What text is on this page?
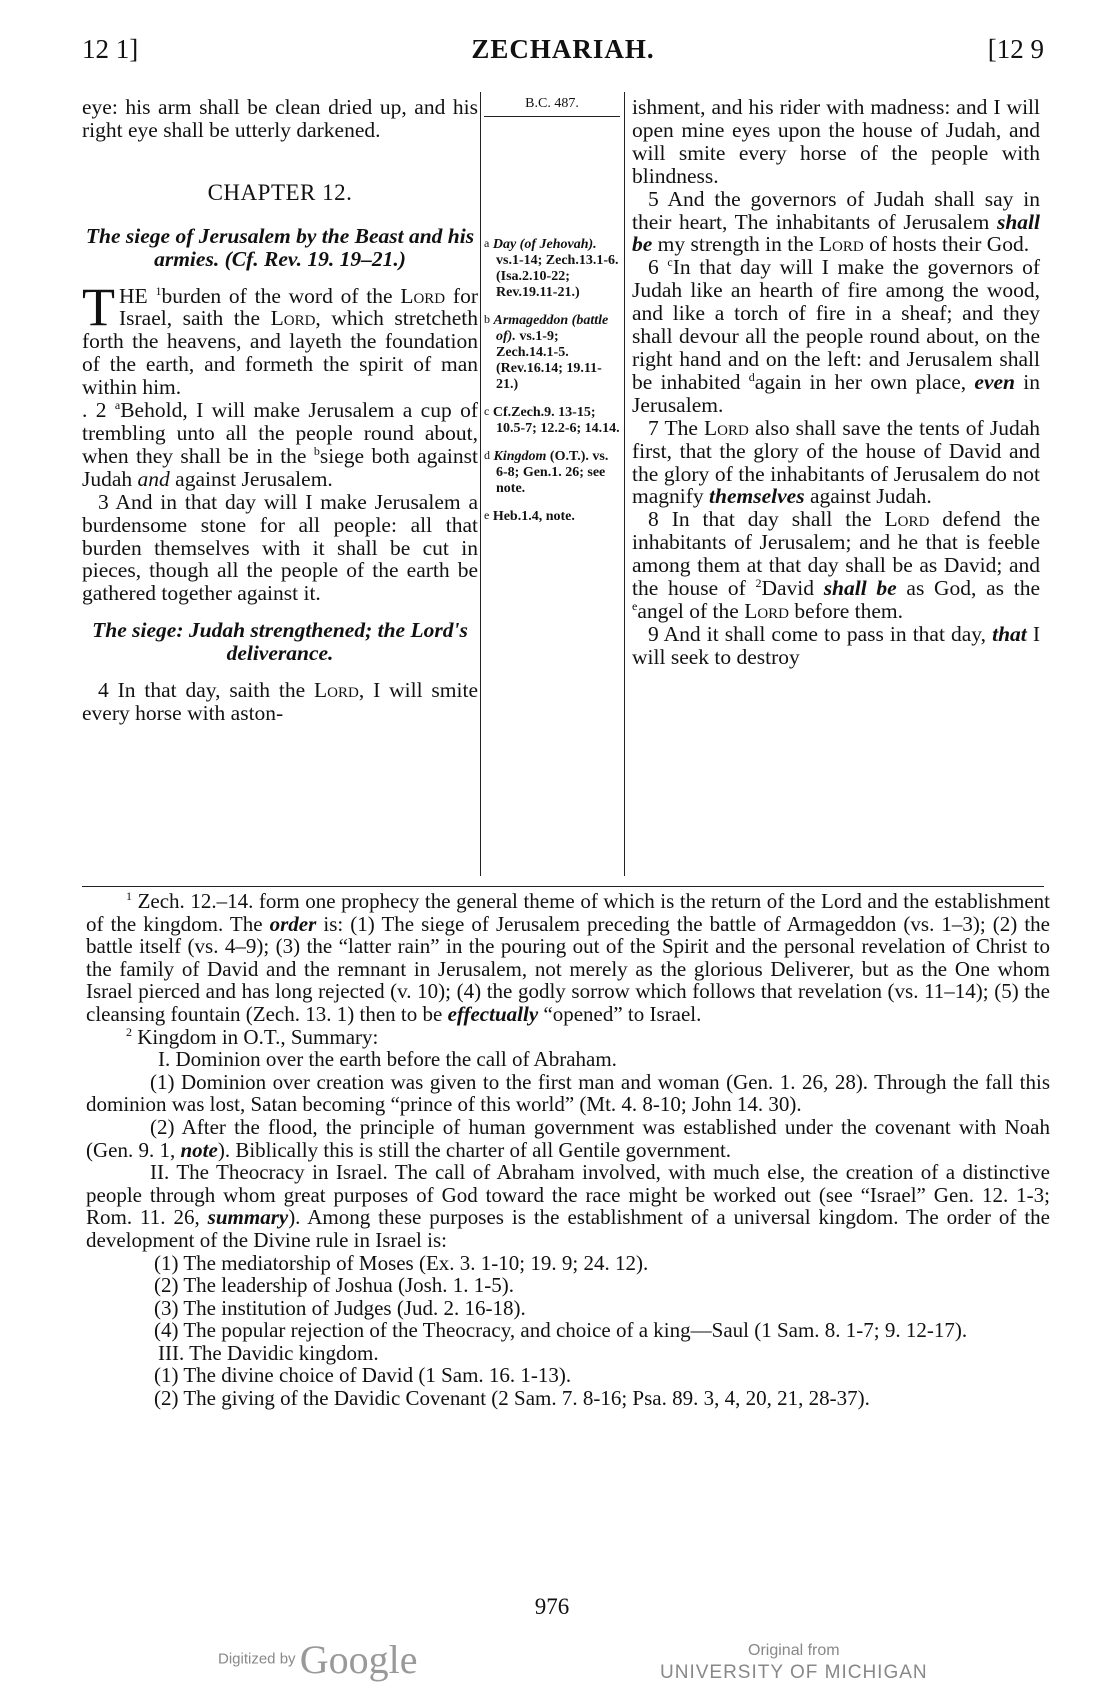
12 1]	ZECHARIAH.	[12 9

eye: his arm shall be clean dried up, and his right eye shall be utterly darkened.

CHAPTER 12.

The siege of Jerusalem by the Beast and his armies. (Cf. Rev. 19. 19–21.)

THE $^1$burden of the word of the Lord for Israel, saith the Lord, which stretcheth forth the heavens, and layeth the foundation of the earth, and formeth the spirit of man within him.

. 2 $^a$Behold, I will make Jerusalem a cup of trembling unto all the people round about, when they shall be in the $^b$siege both against Judah and against Jerusalem.

3 And in that day will I make Jerusalem a burdensome stone for all people: all that burden themselves with it shall be cut in pieces, though all the people of the earth be gathered together against it.

The siege: Judah strengthened; the Lord's deliverance.

4 In that day, saith the Lord, I will smite every horse with aston-

B.C. 487.

$^a$ Day (of Jehovah). vs.1-14; Zech.13.1-6. (Isa.2.10-22; Rev.19.11-21.)

$^b$ Armageddon (battle of). vs.1-9; Zech.14.1-5. (Rev.16.14; 19.11-21.)

$^c$ Cf.Zech.9. 13-15; 10.5-7; 12.2-6; 14.14.

$^d$ Kingdom (O.T.). vs. 6-8; Gen.1. 26; see note.

$^e$ Heb.1.4, note.

ishment, and his rider with madness: and I will open mine eyes upon the house of Judah, and will smite every horse of the people with blindness.

5 And the governors of Judah shall say in their heart, The inhabitants of Jerusalem shall be my strength in the Lord of hosts their God.

6 $^c$In that day will I make the governors of Judah like an hearth of fire among the wood, and like a torch of fire in a sheaf; and they shall devour all the people round about, on the right hand and on the left: and Jerusalem shall be inhabited $^d$again in her own place, even in Jerusalem.

7 The Lord also shall save the tents of Judah first, that the glory of the house of David and the glory of the inhabitants of Jerusalem do not magnify themselves against Judah.

8 In that day shall the Lord defend the inhabitants of Jerusalem; and he that is feeble among them at that day shall be as David; and the house of $^2$David shall be as God, as the $^e$angel of the Lord before them.

9 And it shall come to pass in that day, that I will seek to destroy

$^1$ Zech. 12.–14. form one prophecy the general theme of which is the return of the Lord and the establishment of the kingdom. The order is: (1) The siege of Jerusalem preceding the battle of Armageddon (vs. 1–3); (2) the battle itself (vs. 4–9); (3) the “latter rain” in the pouring out of the Spirit and the personal revelation of Christ to the family of David and the remnant in Jerusalem, not merely as the glorious Deliverer, but as the One whom Israel pierced and has long rejected (v. 10); (4) the godly sorrow which follows that revelation (vs. 11–14); (5) the cleansing fountain (Zech. 13. 1) then to be effectually “opened” to Israel.

$^2$ Kingdom in O.T., Summary:

I. Dominion over the earth before the call of Abraham.

(1) Dominion over creation was given to the first man and woman (Gen. 1. 26, 28). Through the fall this dominion was lost, Satan becoming “prince of this world” (Mt. 4. 8-10; John 14. 30).

(2) After the flood, the principle of human government was established under the covenant with Noah (Gen. 9. 1, note). Biblically this is still the charter of all Gentile government.

II. The Theocracy in Israel. The call of Abraham involved, with much else, the creation of a distinctive people through whom great purposes of God toward the race might be worked out (see “Israel” Gen. 12. 1-3; Rom. 11. 26, summary). Among these purposes is the establishment of a universal kingdom. The order of the development of the Divine rule in Israel is:

(1) The mediatorship of Moses (Ex. 3. 1-10; 19. 9; 24. 12).

(2) The leadership of Joshua (Josh. 1. 1-5).

(3) The institution of Judges (Jud. 2. 16-18).

(4) The popular rejection of the Theocracy, and choice of a king—Saul (1 Sam. 8. 1-7; 9. 12-17).

III. The Davidic kingdom.

(1) The divine choice of David (1 Sam. 16. 1-13).

(2) The giving of the Davidic Covenant (2 Sam. 7. 8-16; Psa. 89. 3, 4, 20, 21, 28-37).

976
Digitized by Google	Original from
UNIVERSITY OF MICHIGAN
